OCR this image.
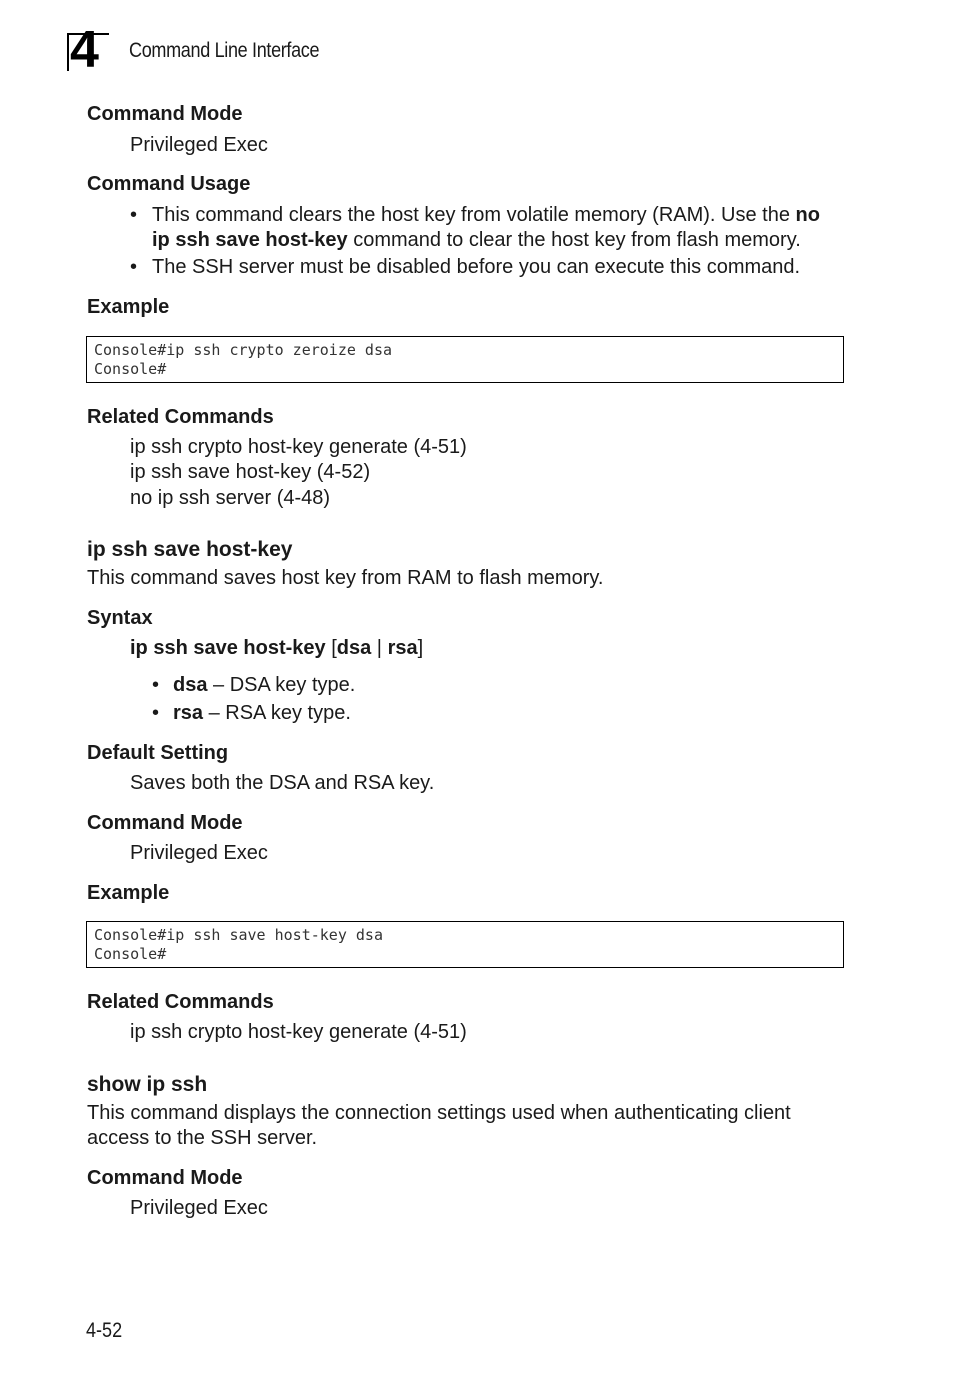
4 Command Line Interface
Command Mode
Privileged Exec
Command Usage
• This command clears the host key from volatile memory (RAM). Use the no
ip ssh save host-key command to clear the host key from flash memory.
• The SSH server must be disabled before you can execute this command.
Example
Console#ip ssh crypto zeroize dsa
Console#
Related Commands
ip ssh crypto host-key generate (4-51)
ip ssh save host-key (4-52)
no ip ssh server (4-48)
ip ssh save host-key
This command saves host key from RAM to flash memory.
Syntax
ip ssh save host-key [dsa | rsa]
• dsa – DSA key type.
• rsa – RSA key type.
Default Setting
Saves both the DSA and RSA key.
Command Mode
Privileged Exec
Example
Console#ip ssh save host-key dsa
Console#
Related Commands
ip ssh crypto host-key generate (4-51)
show ip ssh
This command displays the connection settings used when authenticating client
access to the SSH server.
Command Mode
Privileged Exec
4-52
